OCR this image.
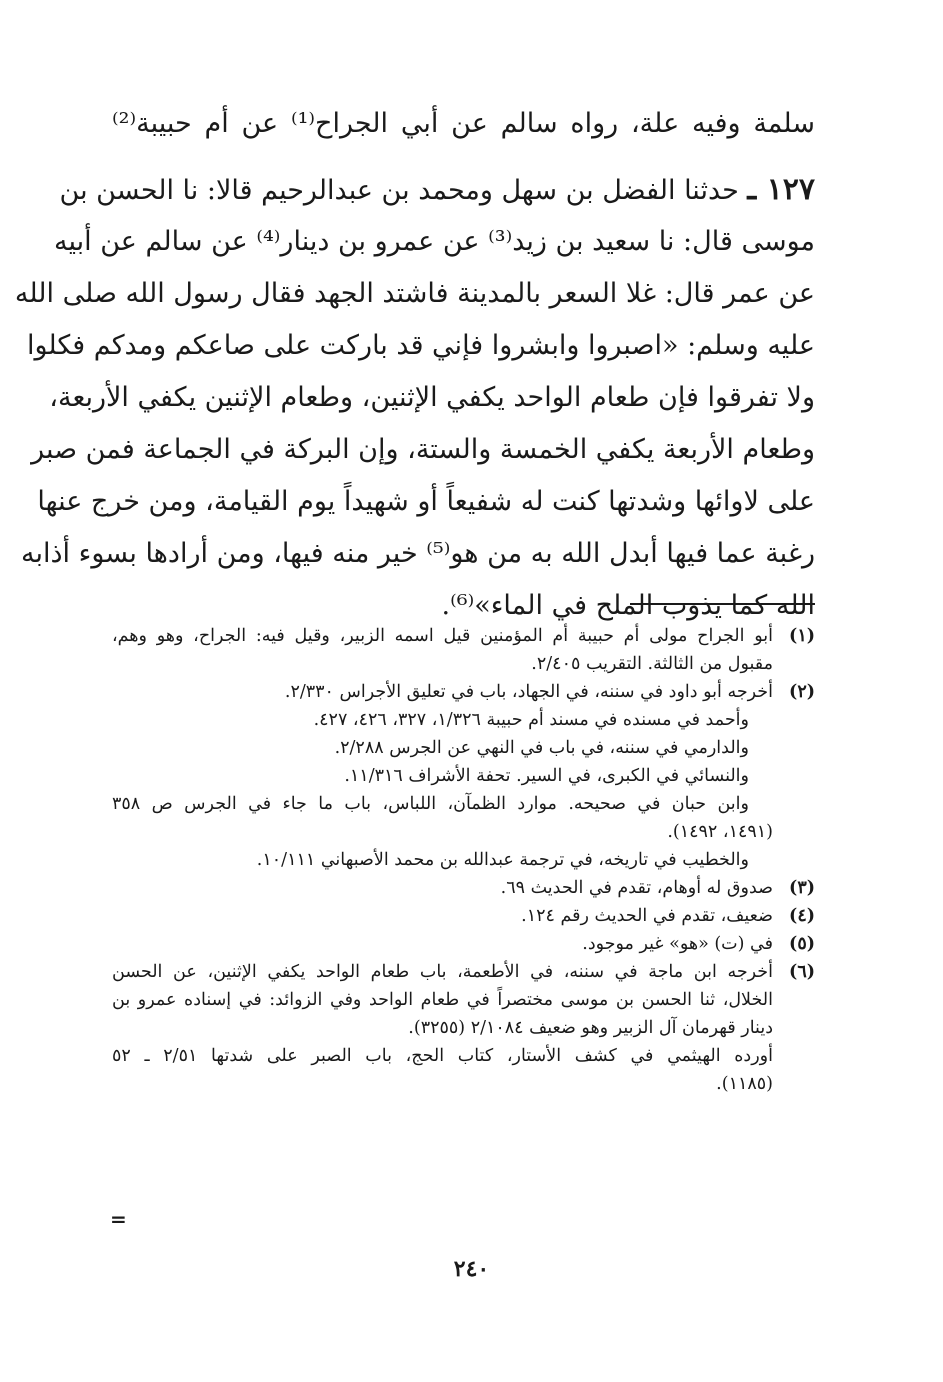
سلمة وفيه علة، رواه سالم عن أبي الجراح⁽¹⁾ عن أم حبيبة⁽²⁾
١٢٧ ـ حدثنا الفضل بن سهل ومحمد بن عبدالرحيم قالا: نا الحسن بن
موسى قال: نا سعيد بن زيد⁽³⁾ عن عمرو بن دينار⁽⁴⁾ عن سالم عن أبيه
عن عمر قال: غلا السعر بالمدينة فاشتد الجهد فقال رسول الله صلى الله
عليه وسلم: «اصبروا وابشروا فإني قد باركت على صاعكم ومدكم فكلوا
ولا تفرقوا فإن طعام الواحد يكفي الإثنين، وطعام الإثنين يكفي الأربعة،
وطعام الأربعة يكفي الخمسة والستة، وإن البركة في الجماعة فمن صبر
على لاوائها وشدتها كنت له شفيعاً أو شهيداً يوم القيامة، ومن خرج عنها
رغبة عما فيها أبدل الله به من هو⁽⁵⁾ خير منه فيها، ومن أرادها بسوء أذابه
الله كما يذوب الملح في الماء»⁽⁶⁾.
(١)
أبو الجراح مولى أم حبيبة أم المؤمنين قيل اسمه الزبير، وقيل فيه: الجراح، وهو وهم،
مقبول من الثالثة. التقريب ٢/٤٠٥.
(٢)
أخرجه أبو داود في سننه، في الجهاد، باب في تعليق الأجراس ٢/٣٣٠.
وأحمد في مسنده في مسند أم حبيبة ١/٣٢٦، ٣٢٧، ٤٢٦، ٤٢٧.
والدارمي في سننه، في باب في النهي عن الجرس ٢/٢٨٨.
والنسائي في الكبرى، في السير. تحفة الأشراف ١١/٣١٦.
وابن حبان في صحيحه. موارد الظمآن، اللباس، باب ما جاء في الجرس ص ٣٥٨
(١٤٩١، ١٤٩٢).
والخطيب في تاريخه، في ترجمة عبدالله بن محمد الأصبهاني ١٠/١١١.
(٣)
صدوق له أوهام، تقدم في الحديث ٦٩.
(٤)
ضعيف، تقدم في الحديث رقم ١٢٤.
(٥)
في (ت) «هو» غير موجود.
(٦)
أخرجه ابن ماجة في سننه، في الأطعمة، باب طعام الواحد يكفي الإثنين، عن الحسن
الخلال، ثنا الحسن بن موسى مختصراً في طعام الواحد وفي الزوائد: في إسناده عمرو بن
دينار قهرمان آل الزبير وهو ضعيف ٢/١٠٨٤ (٣٢٥٥).
أورده الهيثمي في كشف الأستار، كتاب الحج، باب الصبر على شدتها ٢/٥١ ـ ٥٢
(١١٨٥).
=
٢٤٠
